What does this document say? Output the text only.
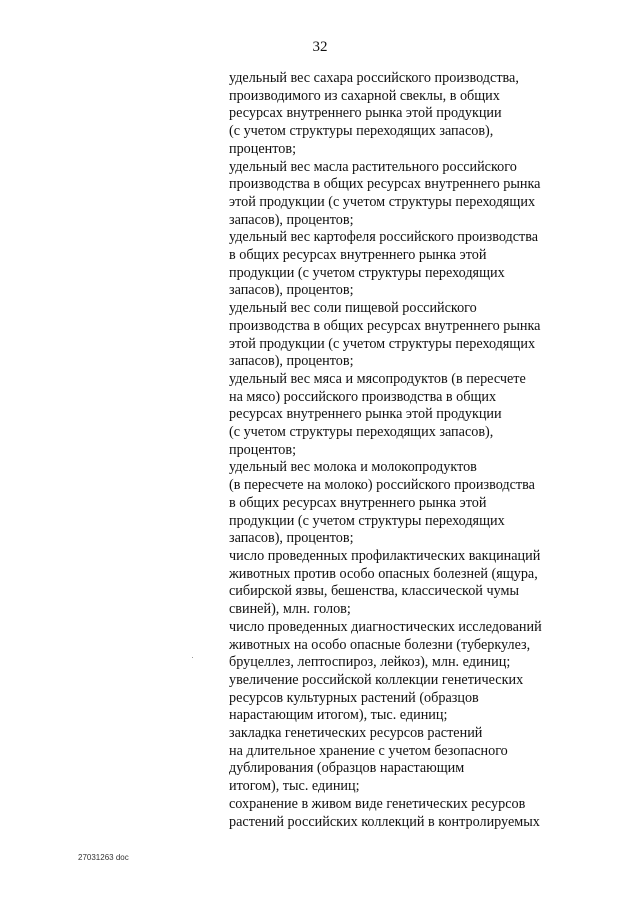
32
удельный вес сахара российского производства,
производимого из сахарной свеклы, в общих
ресурсах внутреннего рынка этой продукции
(с учетом структуры переходящих запасов),
процентов;
удельный вес масла растительного российского
производства в общих ресурсах внутреннего рынка
этой продукции (с учетом структуры переходящих
запасов), процентов;
удельный вес картофеля российского производства
в общих ресурсах внутреннего рынка этой
продукции (с учетом структуры переходящих
запасов), процентов;
удельный вес соли пищевой российского
производства в общих ресурсах внутреннего рынка
этой продукции (с учетом структуры переходящих
запасов), процентов;
удельный вес мяса и мясопродуктов (в пересчете
на мясо) российского производства в общих
ресурсах внутреннего рынка этой продукции
(с учетом структуры переходящих запасов),
процентов;
удельный вес молока и молокопродуктов
(в пересчете на молоко) российского производства
в общих ресурсах внутреннего рынка этой
продукции (с учетом структуры переходящих
запасов), процентов;
число проведенных профилактических вакцинаций
животных против особо опасных болезней (ящура,
сибирской язвы, бешенства, классической чумы
свиней), млн. голов;
число проведенных диагностических исследований
животных на особо опасные болезни (туберкулез,
бруцеллез, лептоспироз, лейкоз), млн. единиц;
увеличение российской коллекции генетических
ресурсов культурных растений (образцов
нарастающим итогом), тыс. единиц;
закладка генетических ресурсов растений
на длительное хранение с учетом безопасного
дублирования (образцов нарастающим
итогом), тыс. единиц;
сохранение в живом виде генетических ресурсов
растений российских коллекций в контролируемых
27031263 doc
